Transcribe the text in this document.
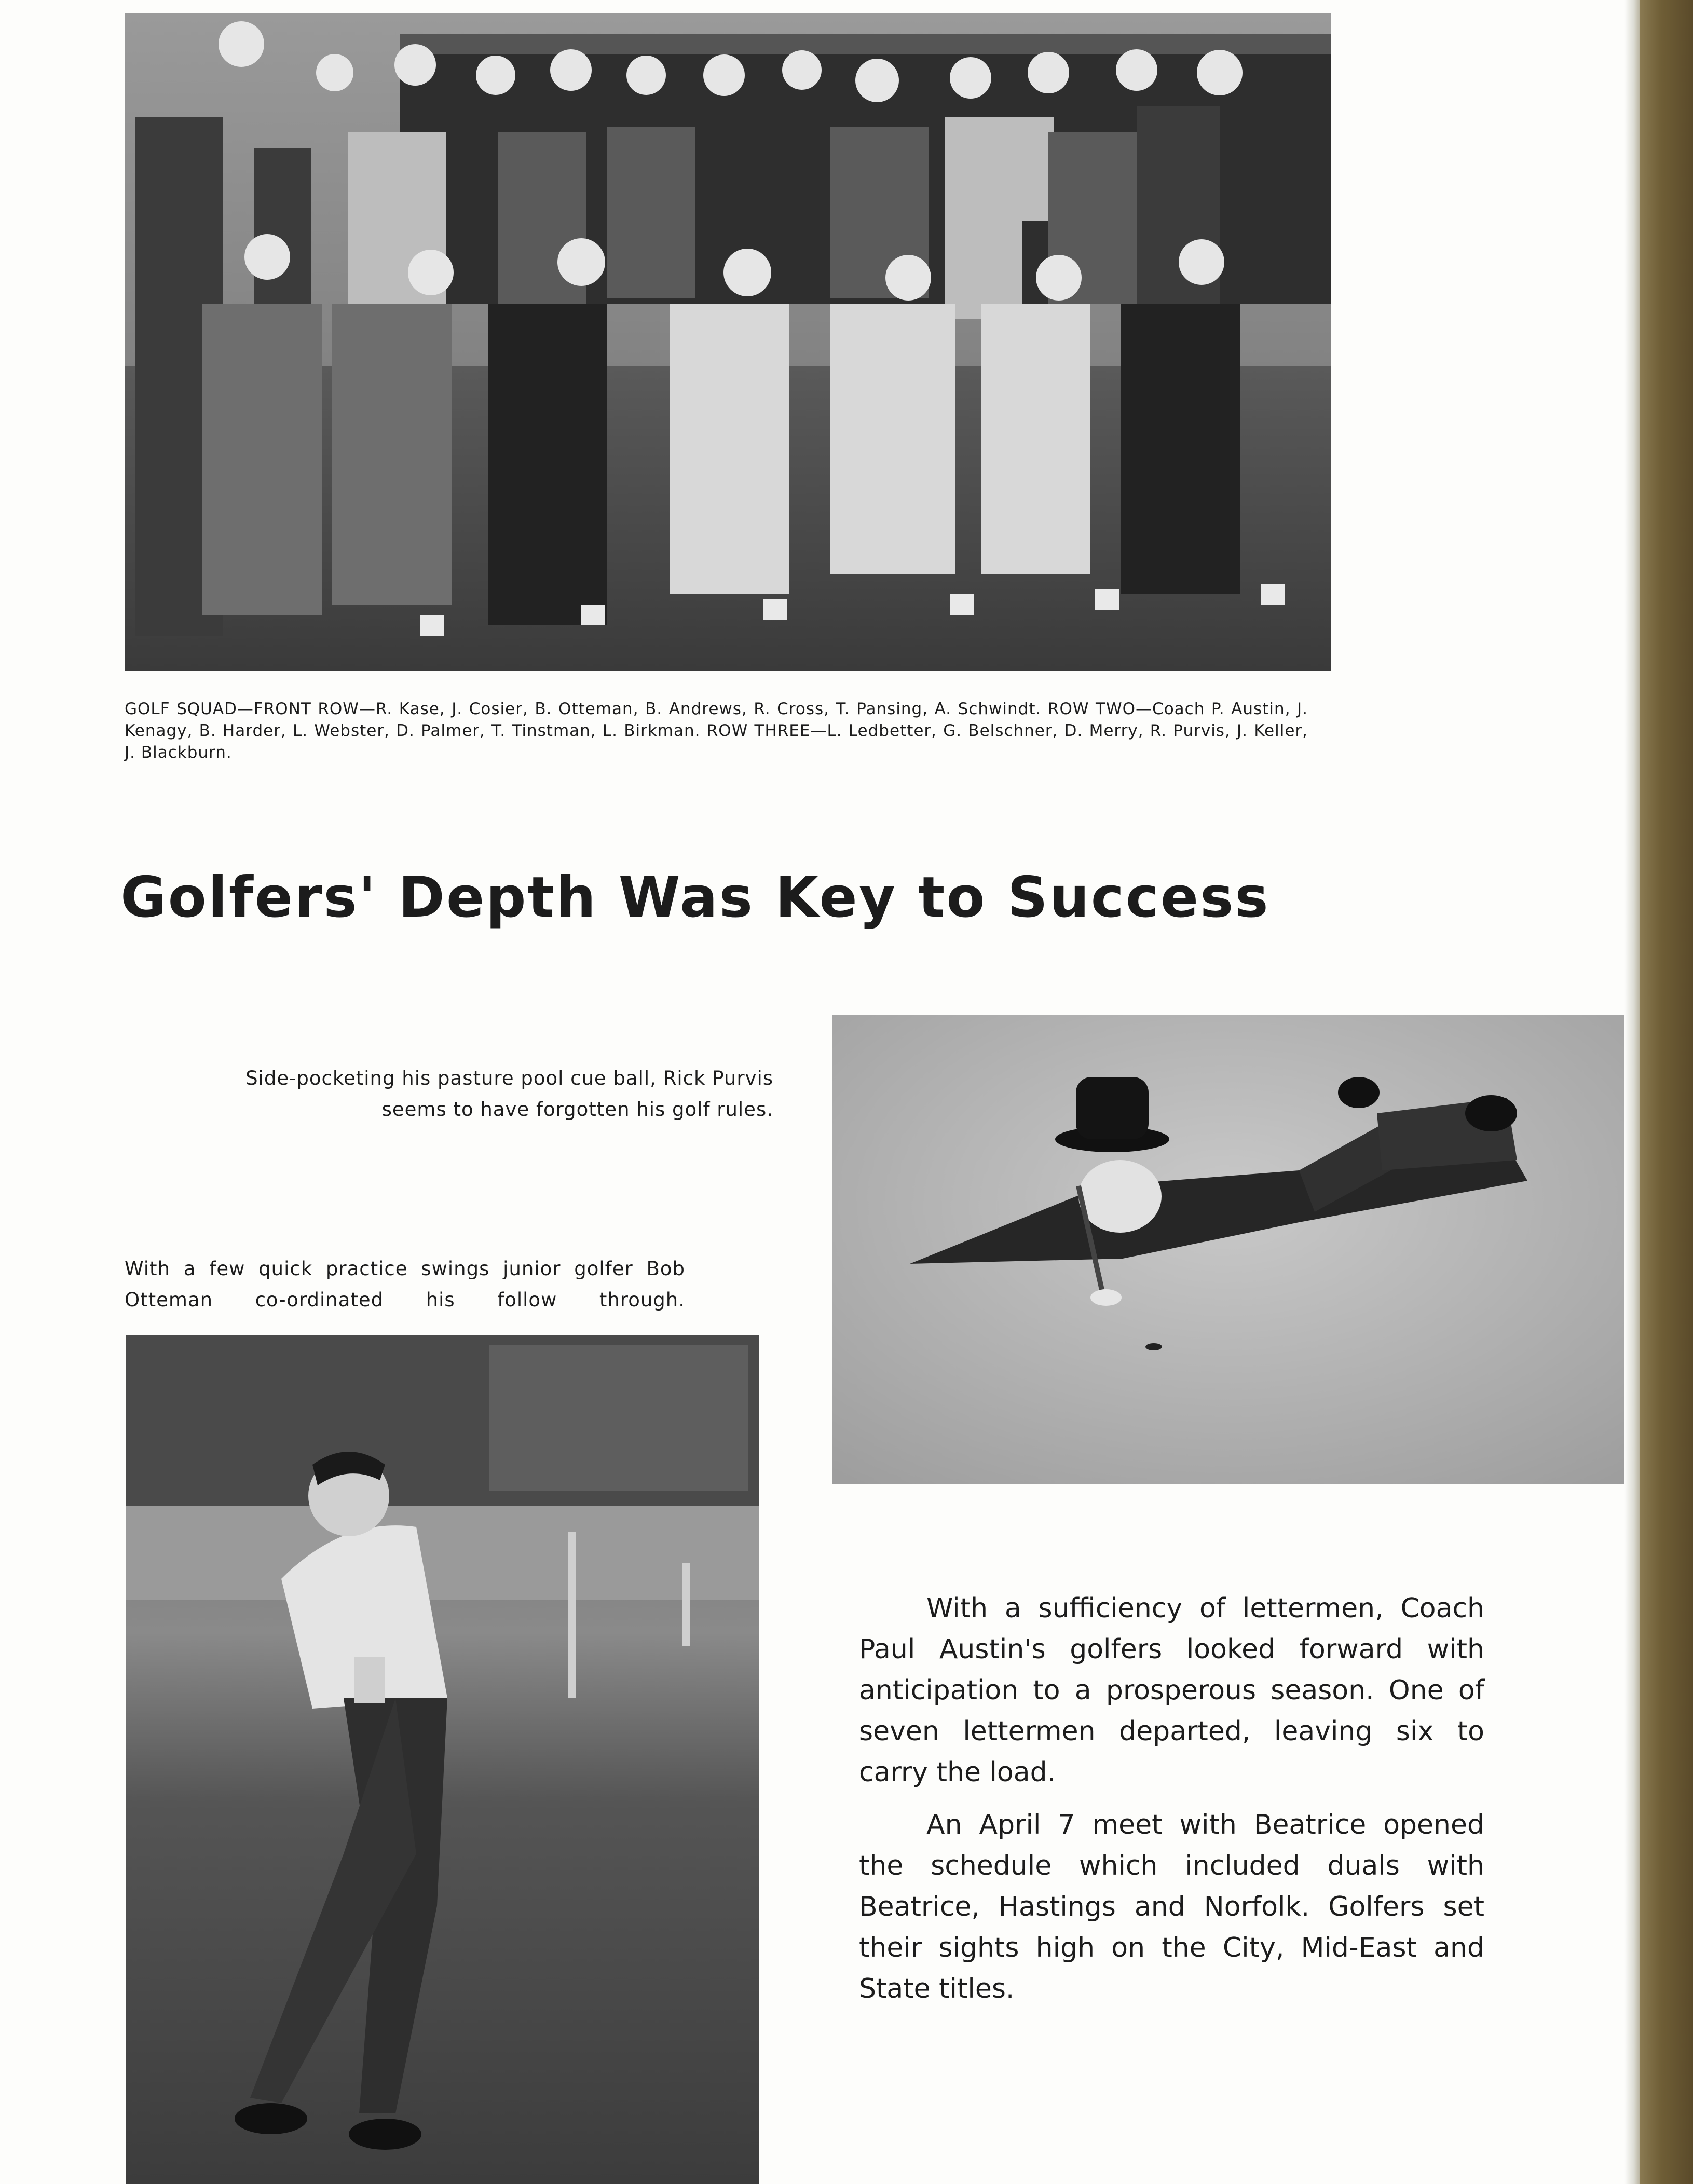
GOLF SQUAD—FRONT ROW—R. Kase, J. Cosier, B. Otteman, B. Andrews, R. Cross, T. Pansing, A. Schwindt. ROW TWO—Coach P. Austin, J. Kenagy, B. Harder, L. Webster, D. Palmer, T. Tinstman, L. Birkman. ROW THREE—L. Ledbetter, G. Belschner, D. Merry, R. Purvis, J. Keller, J. Blackburn.

Golfers' Depth Was Key to Success

Side-pocketing his pasture pool cue ball, Rick Purvis seems to have forgotten his golf rules.

With a few quick practice swings junior golfer Bob Otteman co-ordinated his follow through.

With a sufficiency of lettermen, Coach Paul Austin's golfers looked forward with anticipation to a prosperous season. One of seven lettermen departed, leaving six to carry the load.

An April 7 meet with Beatrice opened the schedule which included duals with Beatrice, Hastings and Norfolk. Golfers set their sights high on the City, Mid-East and State titles.
